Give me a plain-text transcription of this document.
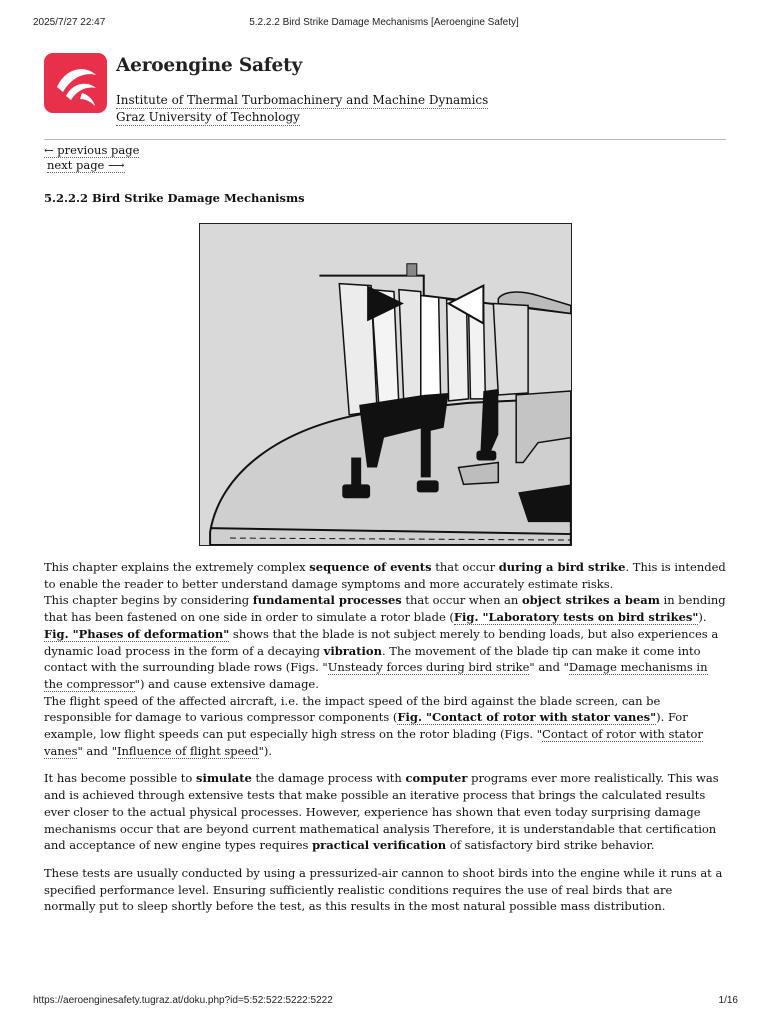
2025/7/27 22:47	5.2.2.2 Bird Strike Damage Mechanisms [Aeroengine Safety]
Aeroengine Safety
Institute of Thermal Turbomachinery and Machine Dynamics
Graz University of Technology
← previous page
next page ⟶
5.2.2.2 Bird Strike Damage Mechanisms

This chapter explains the extremely complex sequence of events that occur during a bird strike. This is intended to enable the reader to better understand damage symptoms and more accurately estimate risks.
This chapter begins by considering fundamental processes that occur when an object strikes a beam in bending that has been fastened on one side in order to simulate a rotor blade (Fig. "Laboratory tests on bird strikes").
Fig. "Phases of deformation" shows that the blade is not subject merely to bending loads, but also experiences a dynamic load process in the form of a decaying vibration. The movement of the blade tip can make it come into contact with the surrounding blade rows (Figs. "Unsteady forces during bird strike" and "Damage mechanisms in the compressor") and cause extensive damage.
The flight speed of the affected aircraft, i.e. the impact speed of the bird against the blade screen, can be responsible for damage to various compressor components (Fig. "Contact of rotor with stator vanes"). For example, low flight speeds can put especially high stress on the rotor blading (Figs. "Contact of rotor with stator vanes" and "Influence of flight speed").

It has become possible to simulate the damage process with computer programs ever more realistically. This was and is achieved through extensive tests that make possible an iterative process that brings the calculated results ever closer to the actual physical processes. However, experience has shown that even today surprising damage mechanisms occur that are beyond current mathematical analysis Therefore, it is understandable that certification and acceptance of new engine types requires practical verification of satisfactory bird strike behavior.

These tests are usually conducted by using a pressurized-air cannon to shoot birds into the engine while it runs at a specified performance level. Ensuring sufficiently realistic conditions requires the use of real birds that are normally put to sleep shortly before the test, as this results in the most natural possible mass distribution.

https://aeroenginesafety.tugraz.at/doku.php?id=5:52:522:5222:5222	1/16
